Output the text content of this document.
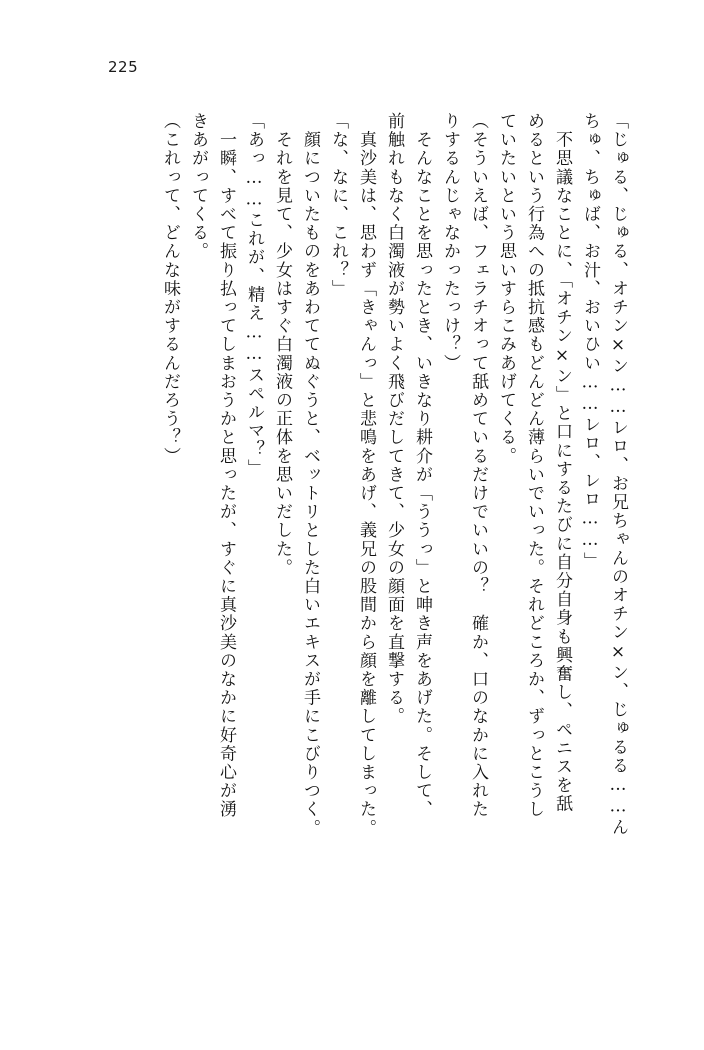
225
「じゅる、じゅる、オチン×ン……レロ、お兄ちゃんのオチン×ン、じゅるる……ん
ちゅ、ちゅば、お汁、おいひい……レロ、レロ……」
　不思議なことに、「オチン×ン」と口にするたびに自分自身も興奮し、ペニスを舐
めるという行為への抵抗感もどんどん薄らいでいった。それどころか、ずっとこうし
ていたいという思いすらこみあげてくる。
（そういえば、フェラチオって舐めているだけでいいの？　確か、口のなかに入れた
りするんじゃなかったっけ？）
　そんなことを思ったとき、いきなり耕介が「ううっ」と呻き声をあげた。そして、
前触れもなく白濁液が勢いよく飛びだしてきて、少女の顔面を直撃する。
　真沙美は、思わず「きゃんっ」と悲鳴をあげ、義兄の股間から顔を離してしまった。
「な、なに、これ？」
　顔についたものをあわててぬぐうと、ベットリとした白いエキスが手にこびりつく。
　それを見て、少女はすぐ白濁液の正体を思いだした。
「あっ……これが、精え……スペルマ？」
　一瞬、すべて振り払ってしまおうかと思ったが、すぐに真沙美のなかに好奇心が湧
きあがってくる。
（これって、どんな味がするんだろう？）
